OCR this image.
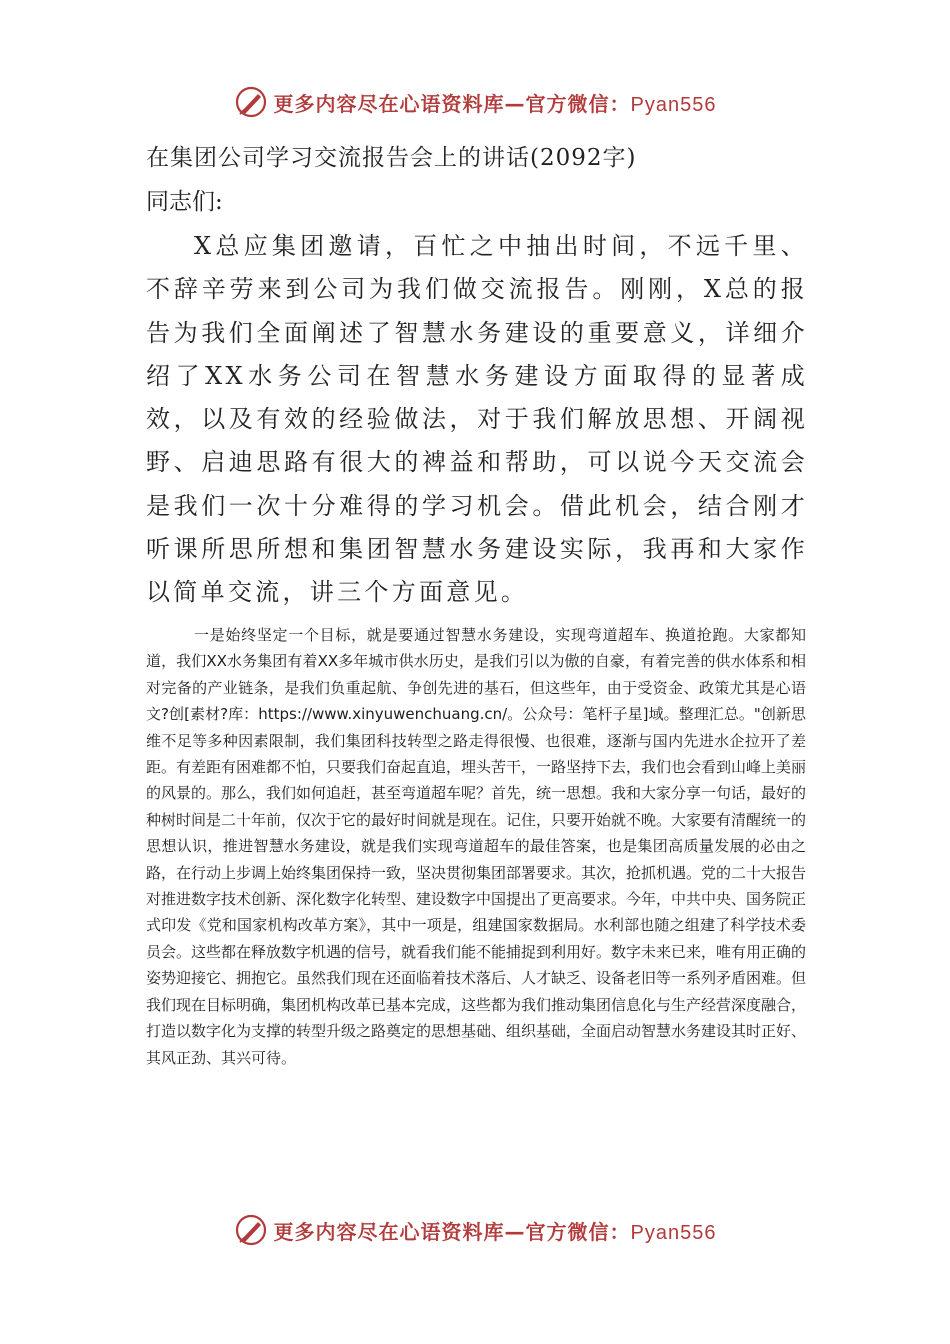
更多内容尽在心语资料库—官方微信：Pyan556
在集团公司学习交流报告会上的讲话(2092字)
同志们:

X总应集团邀请，百忙之中抽出时间，不远千里、不辞辛劳来到公司为我们做交流报告。刚刚，X总的报告为我们全面阐述了智慧水务建设的重要意义，详细介绍了XX水务公司在智慧水务建设方面取得的显著成效，以及有效的经验做法，对于我们解放思想、开阔视野、启迪思路有很大的裨益和帮助，可以说今天交流会是我们一次十分难得的学习机会。借此机会，结合刚才听课所思所想和集团智慧水务建设实际，我再和大家作以简单交流，讲三个方面意见。

一是始终坚定一个目标，就是要通过智慧水务建设，实现弯道超车、换道抢跑。大家都知道，我们XX水务集团有着XX多年城市供水历史，是我们引以为傲的自豪，有着完善的供水体系和相对完备的产业链条，是我们负重起航、争创先进的基石，但这些年，由于受资金、政策尤其是心语文?创[素材?库：https://www.xinyuwenchuang.cn/。公众号：笔杆子星]域。整理汇总。"创新思维不足等多种因素限制，我们集团科技转型之路走得很慢、也很难，逐渐与国内先进水企拉开了差距。有差距有困难都不怕，只要我们奋起直追，埋头苦干，一路坚持下去，我们也会看到山峰上美丽的风景的。那么，我们如何追赶，甚至弯道超车呢？首先，统一思想。我和大家分享一句话，最好的种树时间是二十年前，仅次于它的最好时间就是现在。记住，只要开始就不晚。大家要有清醒统一的思想认识，推进智慧水务建设，就是我们实现弯道超车的最佳答案，也是集团高质量发展的必由之路，在行动上步调上始终集团保持一致，坚决贯彻集团部署要求。其次，抢抓机遇。党的二十大报告对推进数字技术创新、深化数字化转型、建设数字中国提出了更高要求。今年，中共中央、国务院正式印发《党和国家机构改革方案》，其中一项是，组建国家数据局。水利部也随之组建了科学技术委员会。这些都在释放数字机遇的信号，就看我们能不能捕捉到利用好。数字未来已来，唯有用正确的姿势迎接它、拥抱它。虽然我们现在还面临着技术落后、人才缺乏、设备老旧等一系列矛盾困难。但我们现在目标明确，集团机构改革已基本完成，这些都为我们推动集团信息化与生产经营深度融合，打造以数字化为支撑的转型升级之路奠定的思想基础、组织基础，全面启动智慧水务建设其时正好、其风正劲、其兴可待。

更多内容尽在心语资料库—官方微信：Pyan556
